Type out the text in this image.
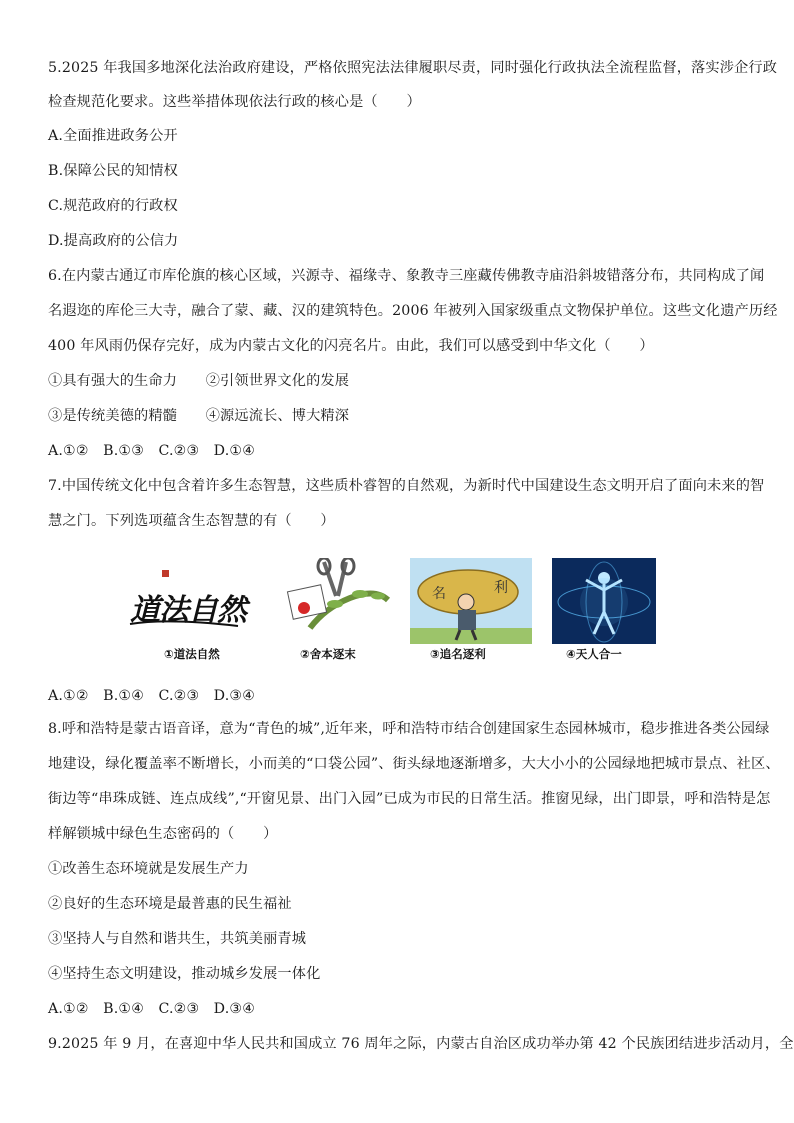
5.2025 年我国多地深化法治政府建设，严格依照宪法法律履职尽责，同时强化行政执法全流程监督，落实涉企行政
检查规范化要求。这些举措体现依法行政的核心是（　　）
A.全面推进政务公开
B.保障公民的知情权
C.规范政府的行政权
D.提高政府的公信力
6.在内蒙古通辽市库伦旗的核心区域，兴源寺、福缘寺、象教寺三座藏传佛教寺庙沿斜坡错落分布，共同构成了闻
名遐迩的库伦三大寺，融合了蒙、藏、汉的建筑特色。2006 年被列入国家级重点文物保护单位。这些文化遗产历经
400 年风雨仍保存完好，成为内蒙古文化的闪亮名片。由此，我们可以感受到中华文化（　　）
①具有强大的生命力　　②引领世界文化的发展
③是传统美德的精髓　　④源远流长、博大精深
A.①②　B.①③　C.②③　D.①④
7.中国传统文化中包含着许多生态智慧，这些质朴睿智的自然观，为新时代中国建设生态文明开启了面向未来的智
慧之门。下列选项蕴含生态智慧的有（　　）
道法自然
①道法自然	②舍本逐末
名	利
③追名逐利	④天人合一
A.①②　B.①④　C.②③　D.③④
8.呼和浩特是蒙古语音译，意为“青色的城”,近年来，呼和浩特市结合创建国家生态园林城市，稳步推进各类公园绿
地建设，绿化覆盖率不断增长，小而美的“口袋公园”、街头绿地逐渐增多，大大小小的公园绿地把城市景点、社区、
街边等“串珠成链、连点成线”,“开窗见景、出门入园”已成为市民的日常生活。推窗见绿，出门即景，呼和浩特是怎
样解锁城中绿色生态密码的（　　）
①改善生态环境就是发展生产力
②良好的生态环境是最普惠的民生福祉
③坚持人与自然和谐共生，共筑美丽青城
④坚持生态文明建设，推动城乡发展一体化
A.①②　B.①④　C.②③　D.③④
9.2025 年 9 月，在喜迎中华人民共和国成立 76 周年之际，内蒙古自治区成功举办第 42 个民族团结进步活动月，全
